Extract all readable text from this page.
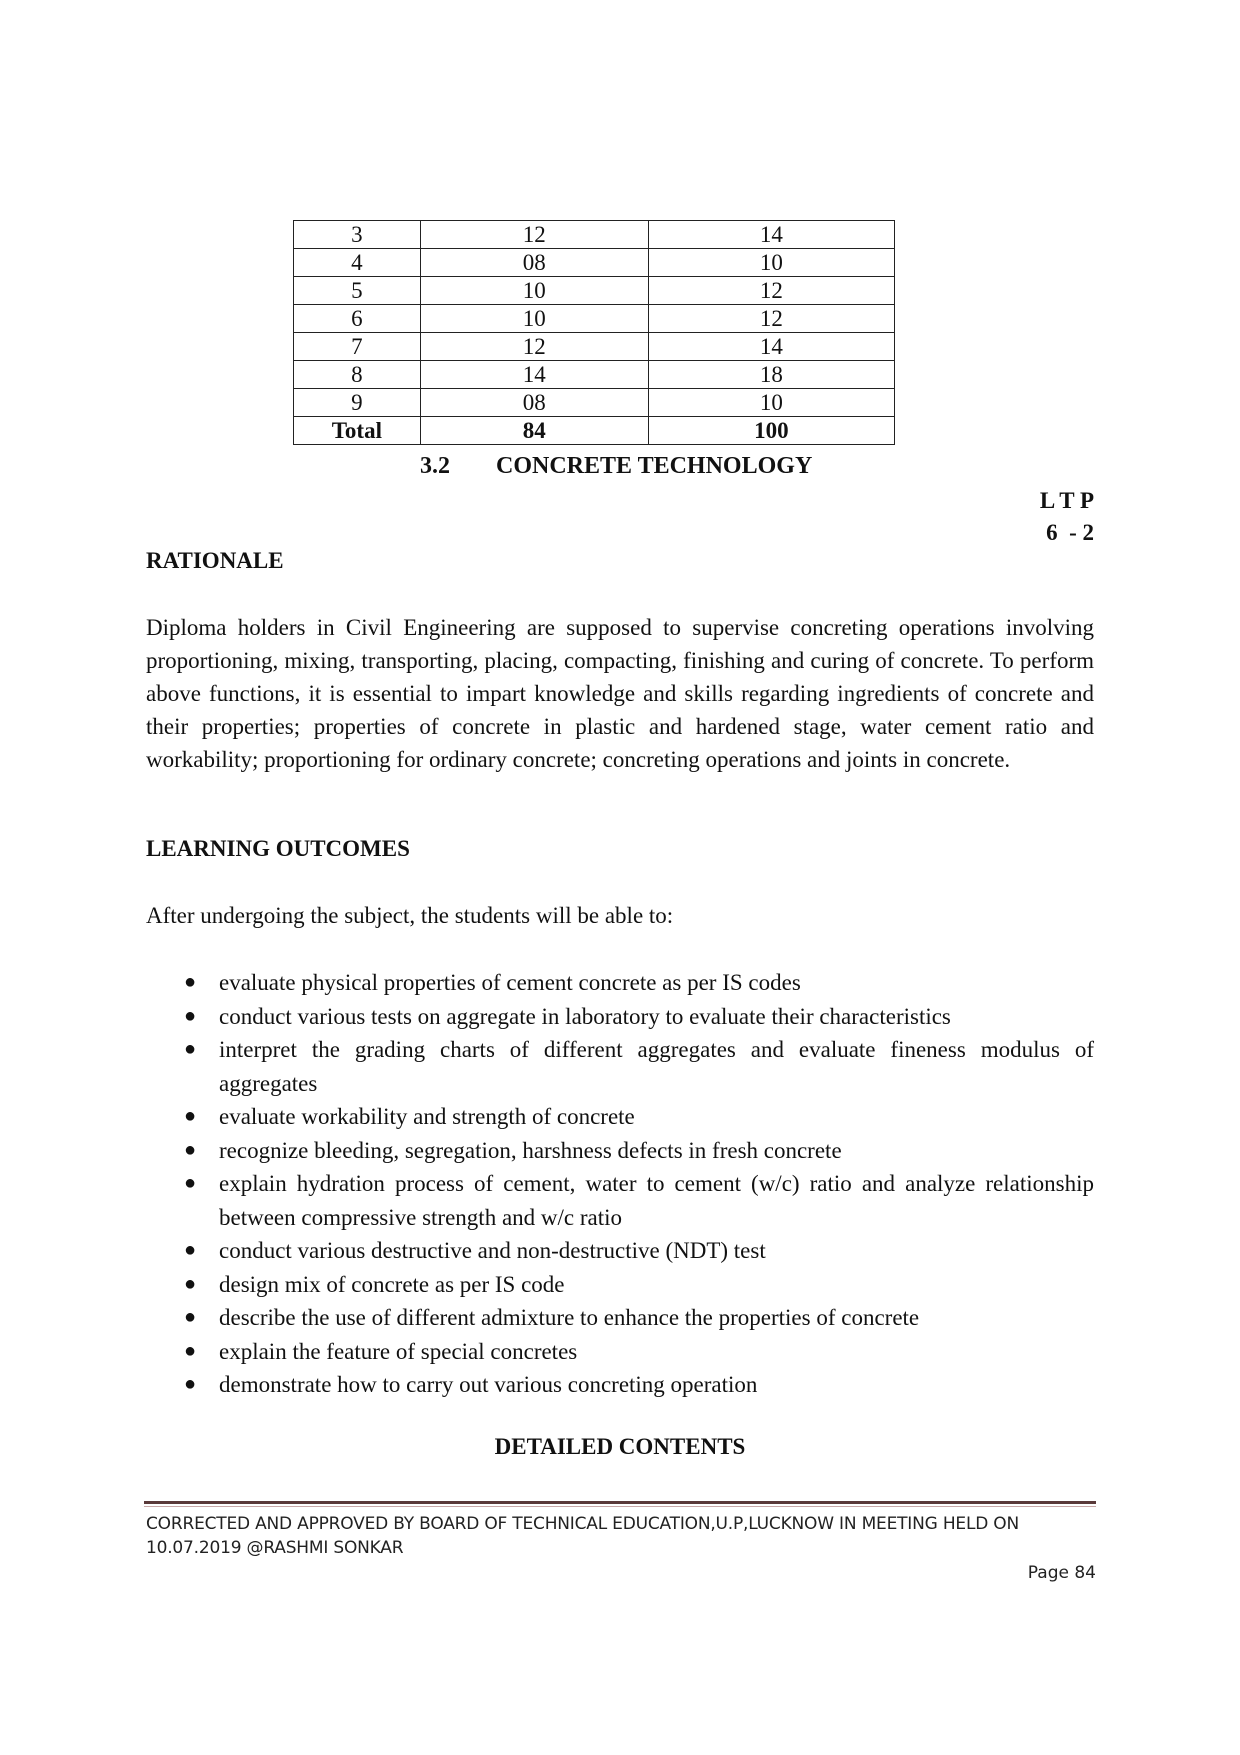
3	12	14
4	08	10
5	10	12
6	10	12
7	12	14
8	14	18
9	08	10
Total	84	100
3.2 CONCRETE TECHNOLOGY
L T P
6  - 2
RATIONALE
Diploma holders in Civil Engineering are supposed to supervise concreting operations involving proportioning, mixing, transporting, placing, compacting, finishing and curing of concrete. To perform above functions, it is essential to impart knowledge and skills regarding ingredients of concrete and their properties; properties of concrete in plastic and hardened stage, water cement ratio and workability; proportioning for ordinary concrete; concreting operations and joints in concrete.
LEARNING OUTCOMES
After undergoing the subject, the students will be able to:
● evaluate physical properties of cement concrete as per IS codes
● conduct various tests on aggregate in laboratory to evaluate their characteristics
● interpret the grading charts of different aggregates and evaluate fineness modulus of aggregates
● evaluate workability and strength of concrete
● recognize bleeding, segregation, harshness defects in fresh concrete
● explain hydration process of cement, water to cement (w/c) ratio and analyze relationship between compressive strength and w/c ratio
● conduct various destructive and non-destructive (NDT) test
● design mix of concrete as per IS code
● describe the use of different admixture to enhance the properties of concrete
● explain the feature of special concretes
● demonstrate how to carry out various concreting operation
DETAILED CONTENTS
CORRECTED AND APPROVED BY BOARD OF TECHNICAL EDUCATION,U.P,LUCKNOW IN MEETING HELD ON
10.07.2019 @RASHMI SONKAR
Page 84
